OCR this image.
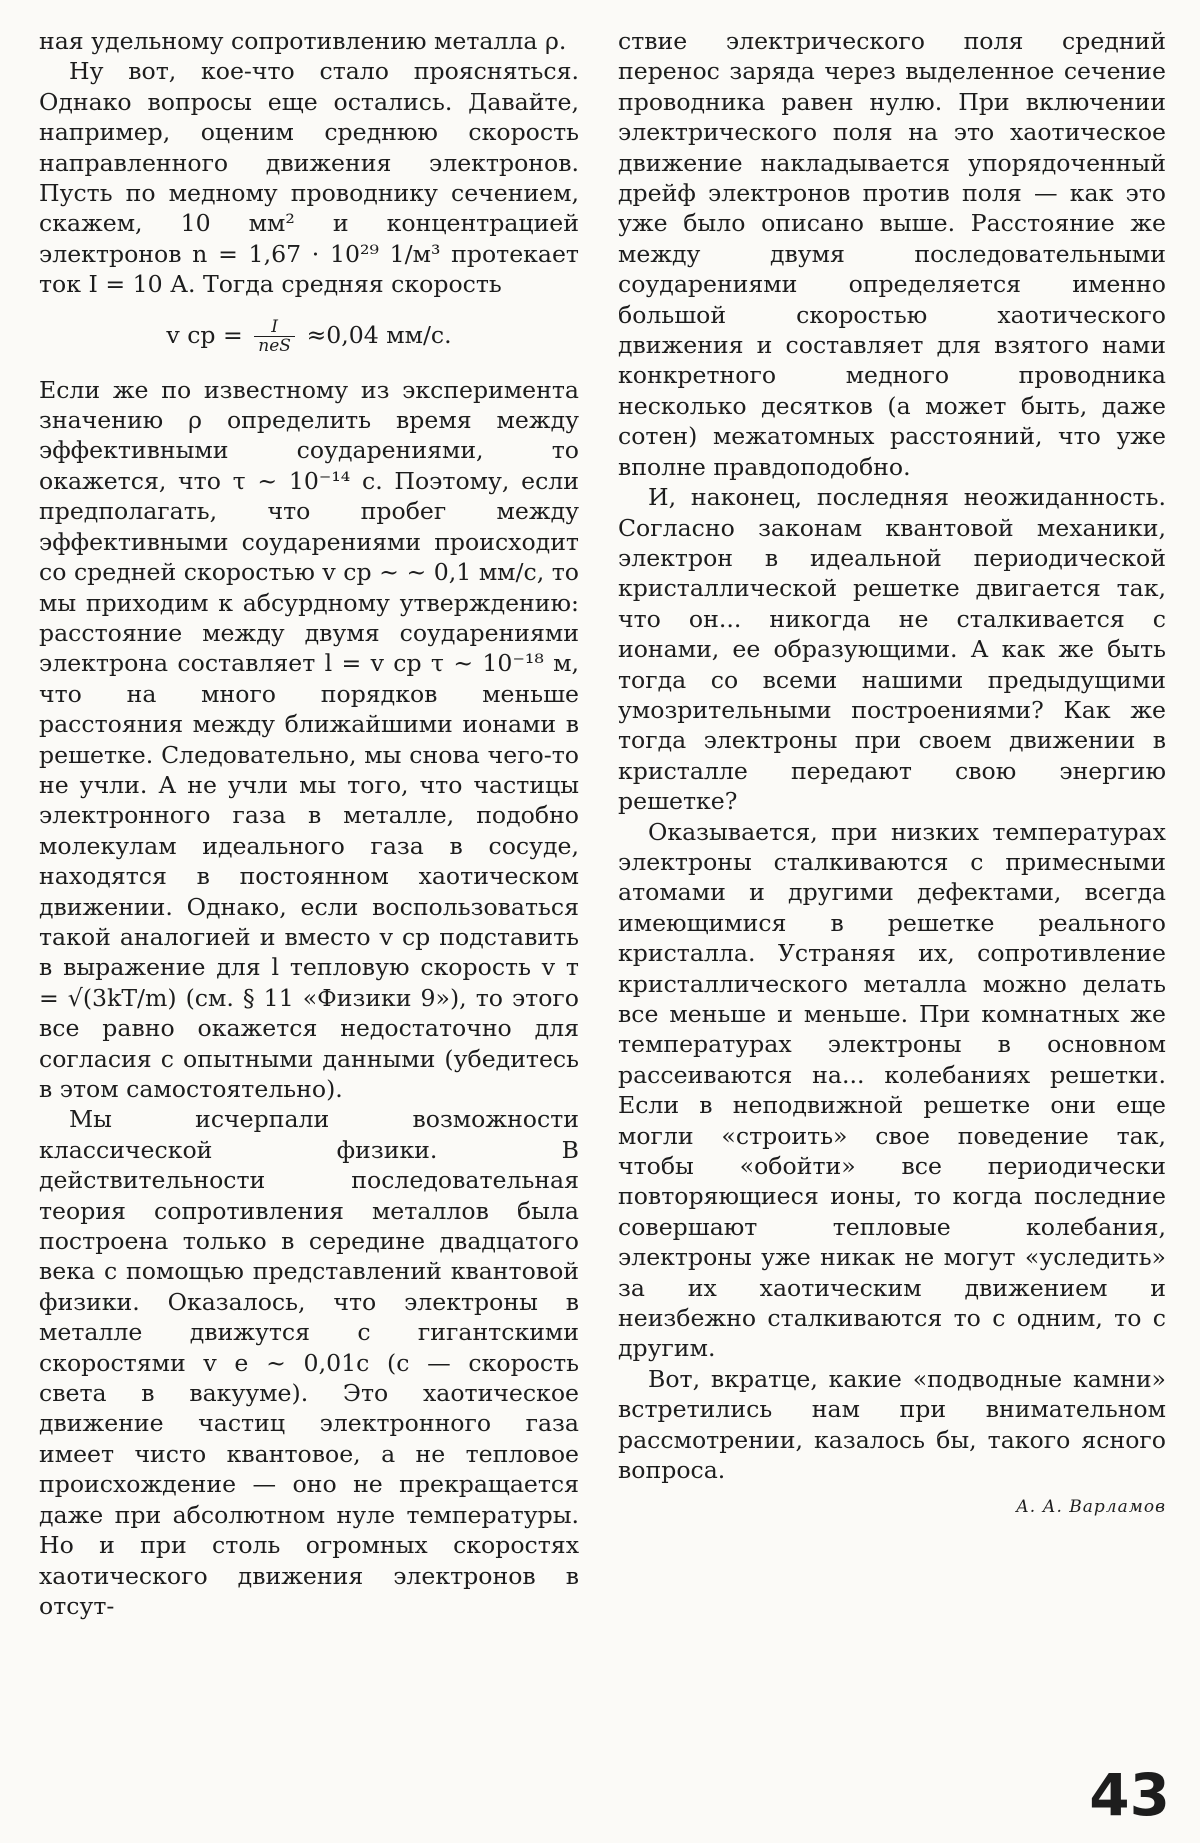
ная удельному сопротивлению металла ρ.

Ну вот, кое-что стало проясняться. Однако вопросы еще остались. Давайте, например, оценим среднюю скорость направленного движения электронов. Пусть по медному проводнику сечением, скажем, 10 мм² и концентрацией электронов n = 1,67 · 10²⁹ 1/м³ протекает ток I = 10 А. Тогда средняя скорость

v ср = $\frac{I}{\text{neS}} \approx 0,04$ мм/с.

Если же по известному из эксперимента значению ρ определить время между эффективными соударениями, то окажется, что τ ~ 10⁻¹⁴ с. Поэтому, если предполагать, что пробег между эффективными соударениями происходит со средней скоростью v ср ~ ~ 0,1 мм/с, то мы приходим к абсурдному утверждению: расстояние между двумя соударениями электрона составляет l = v ср τ ~ 10⁻¹⁸ м, что на много порядков меньше расстояния между ближайшими ионами в решетке. Следовательно, мы снова чего-то не учли. А не учли мы того, что частицы электронного газа в металле, подобно молекулам идеального газа в сосуде, находятся в постоянном хаотическом движении. Однако, если воспользоваться такой аналогией и вместо v ср подставить в выражение для l тепловую скорость v т = √(3kT/m) (см. § 11 «Физики 9»), то этого все равно окажется недостаточно для согласия с опытными данными (убедитесь в этом самостоятельно).

Мы исчерпали возможности классической физики. В действительности последовательная теория сопротивления металлов была построена только в середине двадцатого века с помощью представлений квантовой физики. Оказалось, что электроны в металле движутся с гигантскими скоростями v e ~ 0,01c (c — скорость света в вакууме). Это хаотическое движение частиц электронного газа имеет чисто квантовое, а не тепловое происхождение — оно не прекращается даже при абсолютном нуле температуры. Но и при столь огромных скоростях хаотического движения электронов в отсут-

ствие электрического поля средний перенос заряда через выделенное сечение проводника равен нулю. При включении электрического поля на это хаотическое движение накладывается упорядоченный дрейф электронов против поля — как это уже было описано выше. Расстояние же между двумя последовательными соударениями определяется именно большой скоростью хаотического движения и составляет для взятого нами конкретного медного проводника несколько десятков (а может быть, даже сотен) межатомных расстояний, что уже вполне правдоподобно.

И, наконец, последняя неожиданность. Согласно законам квантовой механики, электрон в идеальной периодической кристаллической решетке двигается так, что он... никогда не сталкивается с ионами, ее образующими. А как же быть тогда со всеми нашими предыдущими умозрительными построениями? Как же тогда электроны при своем движении в кристалле передают свою энергию решетке?

Оказывается, при низких температурах электроны сталкиваются с примесными атомами и другими дефектами, всегда имеющимися в решетке реального кристалла. Устраняя их, сопротивление кристаллического металла можно делать все меньше и меньше. При комнатных же температурах электроны в основном рассеиваются на... колебаниях решетки. Если в неподвижной решетке они еще могли «строить» свое поведение так, чтобы «обойти» все периодически повторяющиеся ионы, то когда последние совершают тепловые колебания, электроны уже никак не могут «уследить» за их хаотическим движением и неизбежно сталкиваются то с одним, то с другим.

Вот, вкратце, какие «подводные камни» встретились нам при внимательном рассмотрении, казалось бы, такого ясного вопроса.

А. А. Варламов
43
